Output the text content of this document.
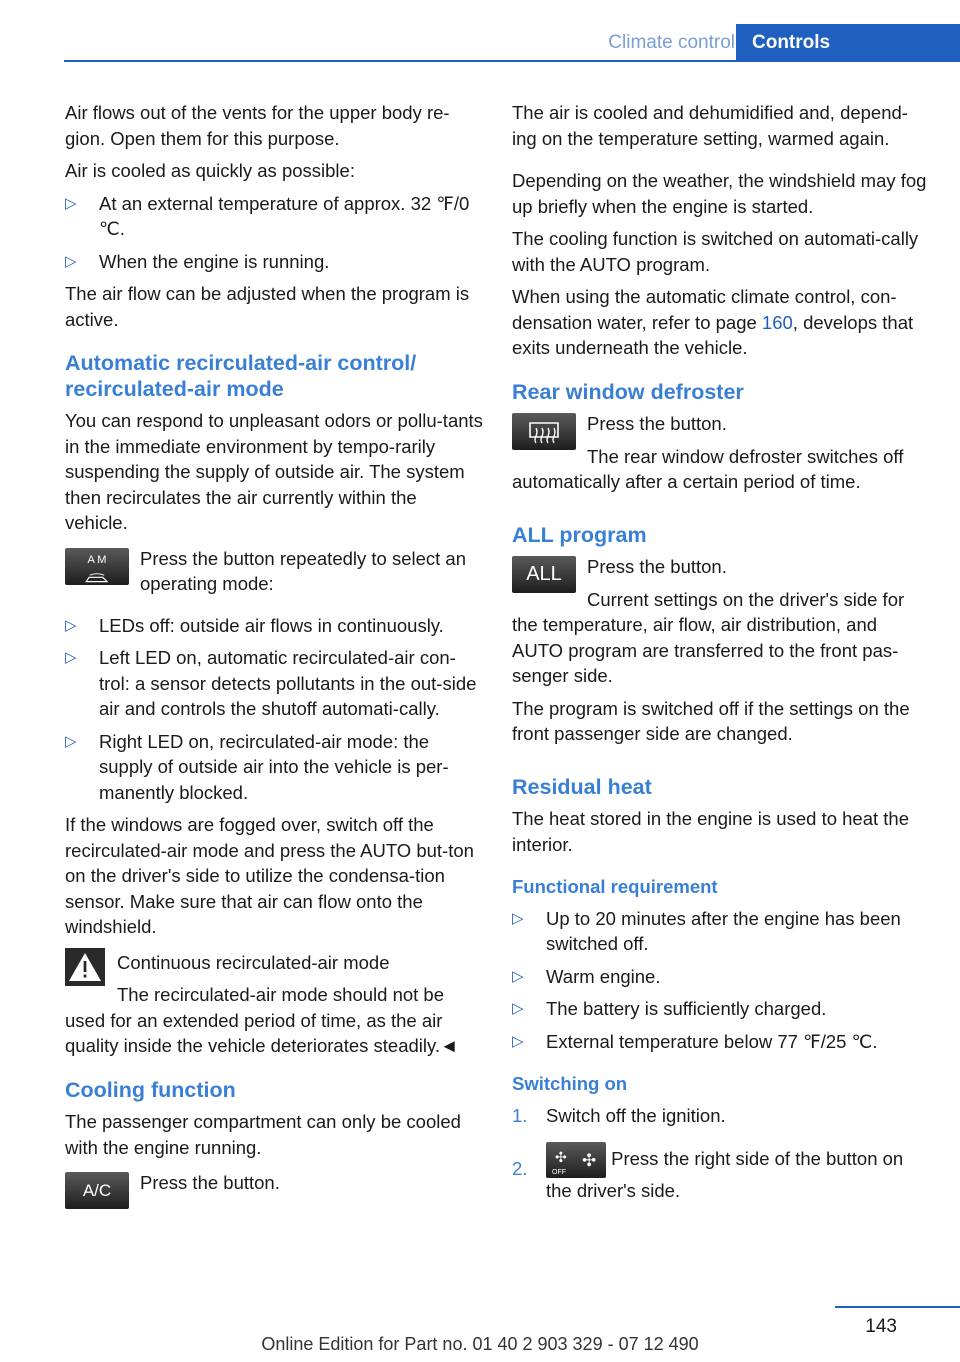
Climate control Controls

Air flows out of the vents for the upper body re-gion. Open them for this purpose.

Air is cooled as quickly as possible:

▷ At an external temperature of approx. 32 ℉/0 ℃.
▷ When the engine is running.

The air flow can be adjusted when the program is active.

Automatic recirculated-air control/ recirculated-air mode

You can respond to unpleasant odors or pollu-tants in the immediate environment by tempo-rarily suspending the supply of outside air. The system then recirculates the air currently within the vehicle.

A M Press the button repeatedly to select an operating mode:
▷ LEDs off: outside air flows in continuously.
▷ Left LED on, automatic recirculated-air con-trol: a sensor detects pollutants in the out-side air and controls the shutoff automati-cally.
▷ Right LED on, recirculated-air mode: the supply of outside air into the vehicle is per-manently blocked.

If the windows are fogged over, switch off the recirculated-air mode and press the AUTO but-ton on the driver's side to utilize the condensa-tion sensor. Make sure that air can flow onto the windshield.

Continuous recirculated-air mode
The recirculated-air mode should not be used for an extended period of time, as the air quality inside the vehicle deteriorates steadily.◄
Cooling function

The passenger compartment can only be cooled with the engine running.

A/C	Press the button.

The air is cooled and dehumidified and, depend-ing on the temperature setting, warmed again.

Depending on the weather, the windshield may fog up briefly when the engine is started.

The cooling function is switched on automati-cally with the AUTO program.

When using the automatic climate control, con-densation water, refer to page 160, develops that exits underneath the vehicle.

Rear window defroster
Press the button.
The rear window defroster switches off automatically after a certain period of time.
ALL program
ALL	Press the button.
Current settings on the driver's side for the temperature, air flow, air distribution, and AUTO program are transferred to the front pas-senger side.

The program is switched off if the settings on the front passenger side are changed.

Residual heat

The heat stored in the engine is used to heat the interior.

Functional requirement
▷ Up to 20 minutes after the engine has been switched off.
▷ Warm engine.
▷ The battery is sufficiently charged.
▷ External temperature below 77 ℉/25 ℃.
Switching on
1. Switch off the ignition.
2.	OFF
✣ ✣ Press the right side of the button on the driver's side.
143
Online Edition for Part no. 01 40 2 903 329 - 07 12 490
